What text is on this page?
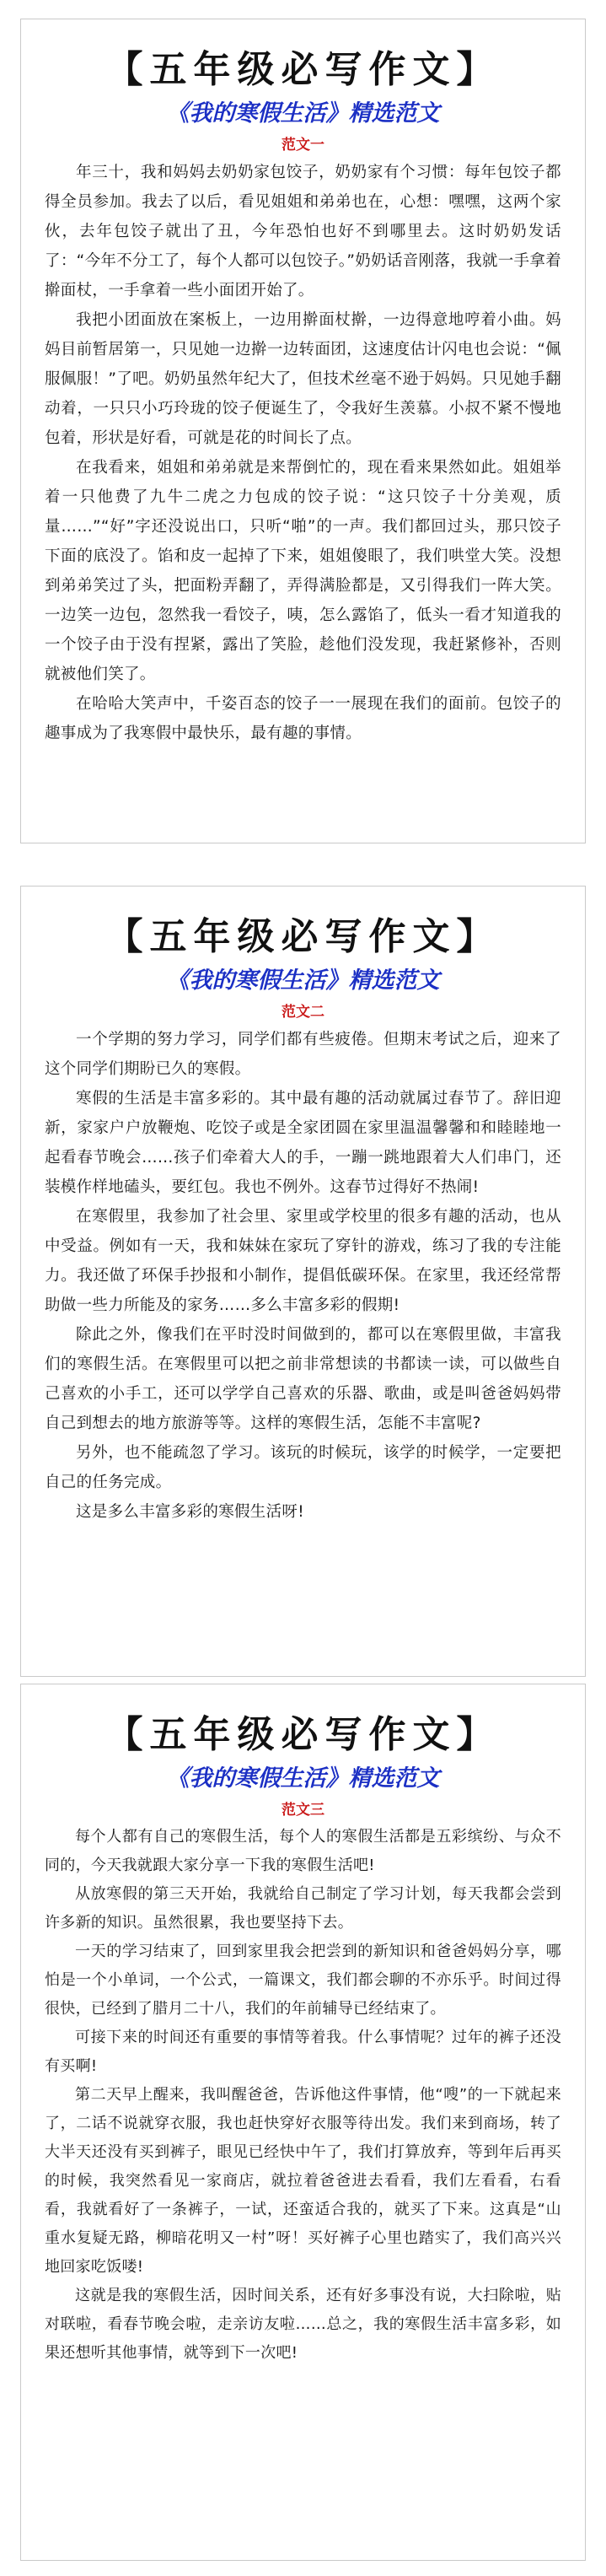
【五年级必写作文】
《我的寒假生活》精选范文
范文一

年三十，我和妈妈去奶奶家包饺子，奶奶家有个习惯：每年包饺子都得全员参加。我去了以后，看见姐姐和弟弟也在，心想：嘿嘿，这两个家伙，去年包饺子就出了丑，今年恐怕也好不到哪里去。这时奶奶发话了：“今年不分工了，每个人都可以包饺子。”奶奶话音刚落，我就一手拿着擀面杖，一手拿着一些小面团开始了。

我把小团面放在案板上，一边用擀面杖擀，一边得意地哼着小曲。妈妈目前暂居第一，只见她一边擀一边转面团，这速度估计闪电也会说：“佩服佩服！”了吧。奶奶虽然年纪大了，但技术丝毫不逊于妈妈。只见她手翻动着，一只只小巧玲珑的饺子便诞生了，令我好生羡慕。小叔不紧不慢地包着，形状是好看，可就是花的时间长了点。

在我看来，姐姐和弟弟就是来帮倒忙的，现在看来果然如此。姐姐举着一只他费了九牛二虎之力包成的饺子说：“这只饺子十分美观，质量……”“好”字还没说出口，只听“啪”的一声。我们都回过头，那只饺子下面的底没了。馅和皮一起掉了下来，姐姐傻眼了，我们哄堂大笑。没想到弟弟笑过了头，把面粉弄翻了，弄得满脸都是，又引得我们一阵大笑。一边笑一边包，忽然我一看饺子，咦，怎么露馅了，低头一看才知道我的一个饺子由于没有捏紧，露出了笑脸，趁他们没发现，我赶紧修补，否则就被他们笑了。

在哈哈大笑声中，千姿百态的饺子一一展现在我们的面前。包饺子的趣事成为了我寒假中最快乐，最有趣的事情。

【五年级必写作文】
《我的寒假生活》精选范文
范文二

一个学期的努力学习，同学们都有些疲倦。但期末考试之后，迎来了这个同学们期盼已久的寒假。

寒假的生活是丰富多彩的。其中最有趣的活动就属过春节了。辞旧迎新，家家户户放鞭炮、吃饺子或是全家团圆在家里温温馨馨和和睦睦地一起看春节晚会……孩子们牵着大人的手，一蹦一跳地跟着大人们串门，还装模作样地磕头，要红包。我也不例外。这春节过得好不热闹!

在寒假里，我参加了社会里、家里或学校里的很多有趣的活动，也从中受益。例如有一天，我和妹妹在家玩了穿针的游戏，练习了我的专注能力。我还做了环保手抄报和小制作，提倡低碳环保。在家里，我还经常帮助做一些力所能及的家务……多么丰富多彩的假期!

除此之外，像我们在平时没时间做到的，都可以在寒假里做，丰富我们的寒假生活。在寒假里可以把之前非常想读的书都读一读，可以做些自己喜欢的小手工，还可以学学自己喜欢的乐器、歌曲，或是叫爸爸妈妈带自己到想去的地方旅游等等。这样的寒假生活，怎能不丰富呢?

另外，也不能疏忽了学习。该玩的时候玩，该学的时候学，一定要把自己的任务完成。

这是多么丰富多彩的寒假生活呀!

【五年级必写作文】
《我的寒假生活》精选范文
范文三

每个人都有自己的寒假生活，每个人的寒假生活都是五彩缤纷、与众不同的，今天我就跟大家分享一下我的寒假生活吧!

从放寒假的第三天开始，我就给自己制定了学习计划，每天我都会尝到许多新的知识。虽然很累，我也要坚持下去。

一天的学习结束了，回到家里我会把尝到的新知识和爸爸妈妈分享，哪怕是一个小单词，一个公式，一篇课文，我们都会聊的不亦乐乎。时间过得很快，已经到了腊月二十八，我们的年前辅导已经结束了。

可接下来的时间还有重要的事情等着我。什么事情呢？过年的裤子还没有买啊!

第二天早上醒来，我叫醒爸爸，告诉他这件事情，他“嗖”的一下就起来了，二话不说就穿衣服，我也赶快穿好衣服等待出发。我们来到商场，转了大半天还没有买到裤子，眼见已经快中午了，我们打算放弃，等到年后再买的时候，我突然看见一家商店，就拉着爸爸进去看看，我们左看看，右看看，我就看好了一条裤子，一试，还蛮适合我的，就买了下来。这真是“山重水复疑无路，柳暗花明又一村”呀！买好裤子心里也踏实了，我们高兴兴地回家吃饭喽!

这就是我的寒假生活，因时间关系，还有好多事没有说，大扫除啦，贴对联啦，看春节晚会啦，走亲访友啦……总之，我的寒假生活丰富多彩，如果还想听其他事情，就等到下一次吧!
